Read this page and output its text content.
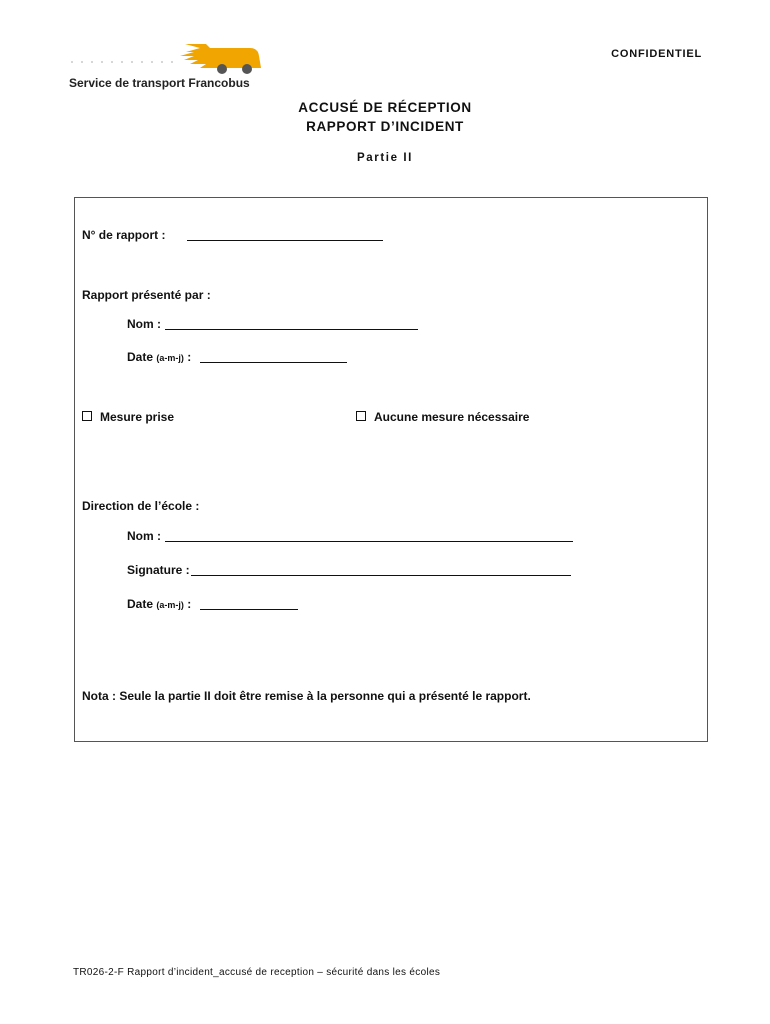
Service de transport Francobus
CONFIDENTIEL
ACCUSÉ DE RÉCEPTION
RAPPORT D’INCIDENT
Partie II
N° de rapport :
Rapport présenté par :
Nom :
Date (a-m-j) :
Mesure prise	Aucune mesure nécessaire
Direction de l’école :
Nom :
Signature :
Date (a-m-j) :
Nota : Seule la partie II doit être remise à la personne qui a présenté le rapport.
TR026-2-F Rapport d’incident_accusé de reception – sécurité dans les écoles
